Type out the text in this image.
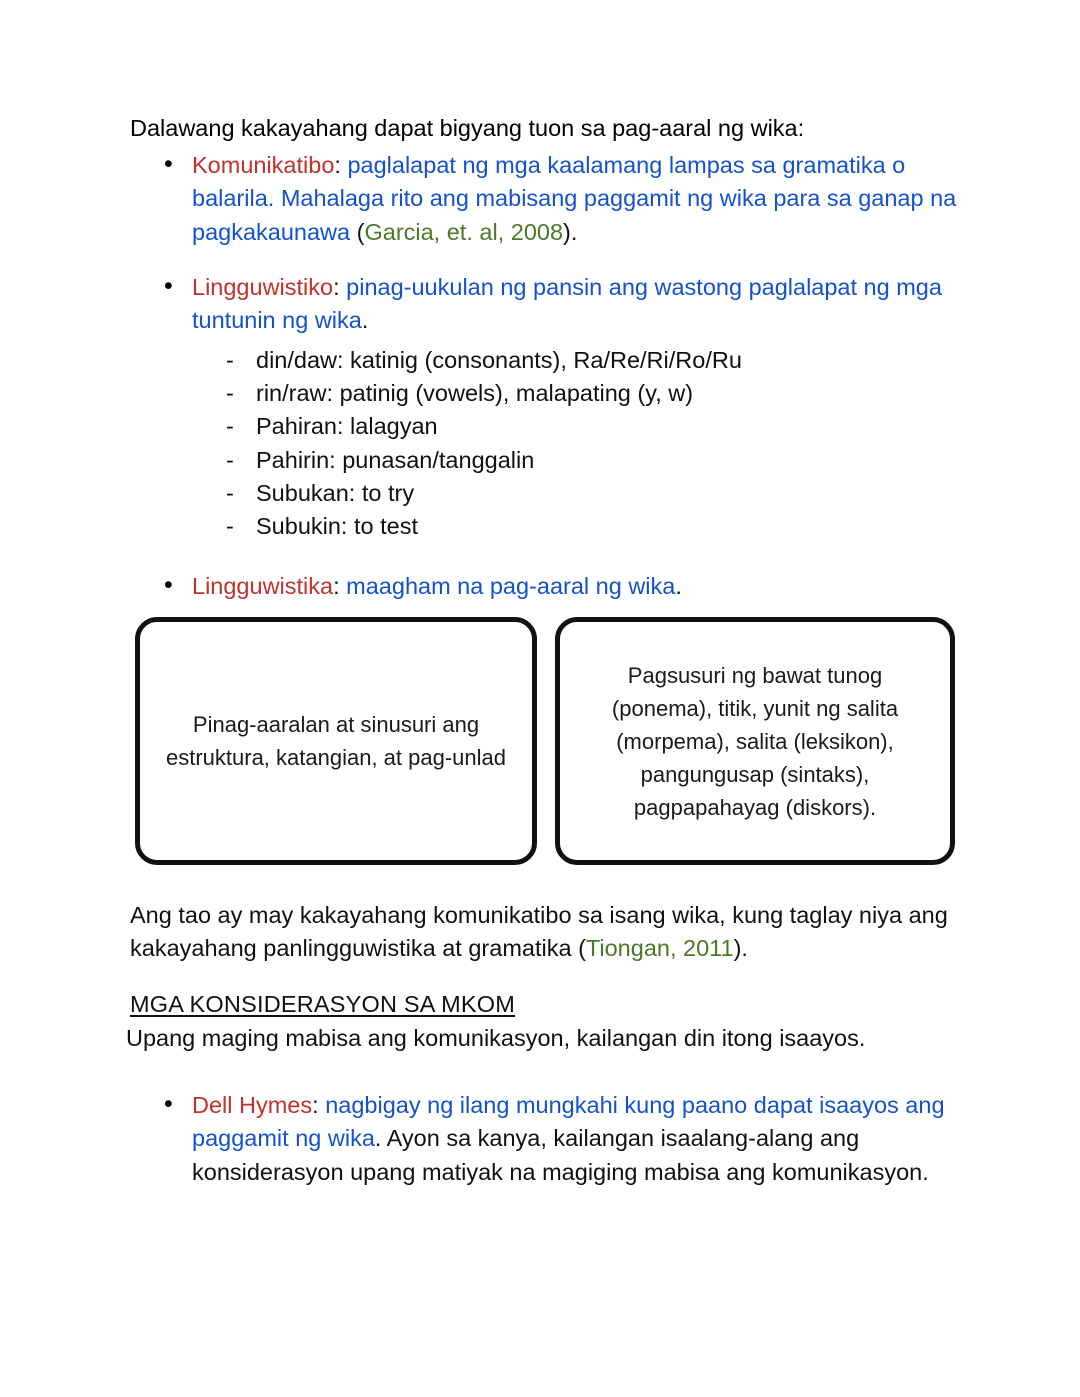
Dalawang kakayahang dapat bigyang tuon sa pag-aaral ng wika:

• Komunikatibo: paglalapat ng mga kaalamang lampas sa gramatika o balarila. Mahalaga rito ang mabisang paggamit ng wika para sa ganap na pagkakaunawa (Garcia, et. al, 2008).
• Lingguwistiko: pinag-uukulan ng pansin ang wastong paglalapat ng mga tuntunin ng wika.
- din/daw: katinig (consonants), Ra/Re/Ri/Ro/Ru
- rin/raw: patinig (vowels), malapating (y, w)
- Pahiran: lalagyan
- Pahirin: punasan/tanggalin
- Subukan: to try
- Subukin: to test
• Lingguwistika: maagham na pag-aaral ng wika.

Pinag-aaralan at sinusuri ang estruktura, katangian, at pag-unlad

Pagsusuri ng bawat tunog (ponema), titik, yunit ng salita (morpema), salita (leksikon), pangungusap (sintaks), pagpapahayag (diskors).

Ang tao ay may kakayahang komunikatibo sa isang wika, kung taglay niya ang kakayahang panlingguwistika at gramatika (Tiongan, 2011).

MGA KONSIDERASYON SA MKOM

Upang maging mabisa ang komunikasyon, kailangan din itong isaayos.

• Dell Hymes: nagbigay ng ilang mungkahi kung paano dapat isaayos ang paggamit ng wika. Ayon sa kanya, kailangan isaalang-alang ang konsiderasyon upang matiyak na magiging mabisa ang komunikasyon.
